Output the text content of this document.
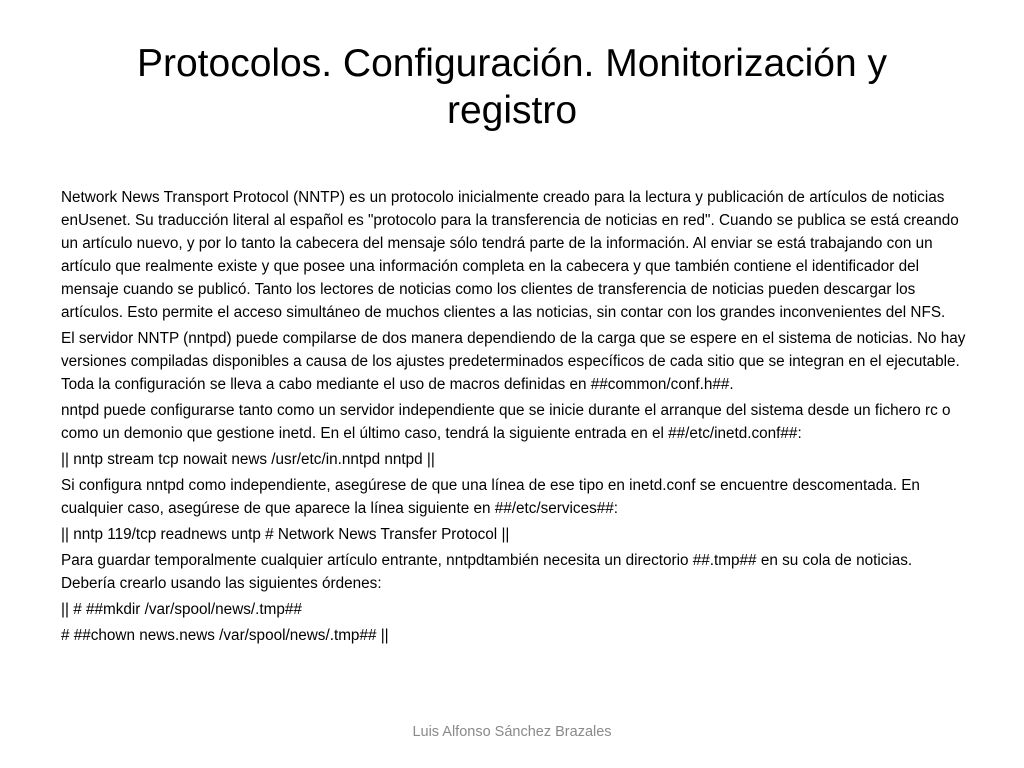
Protocolos. Configuración. Monitorización y registro

Network News Transport Protocol (NNTP) es un protocolo inicialmente creado para la lectura y publicación de artículos de noticias enUsenet. Su traducción literal al español es "protocolo para la transferencia de noticias en red". Cuando se publica se está creando un artículo nuevo, y por lo tanto la cabecera del mensaje sólo tendrá parte de la información. Al enviar se está trabajando con un artículo que realmente existe y que posee una información completa en la cabecera y que también contiene el identificador del mensaje cuando se publicó. Tanto los lectores de noticias como los clientes de transferencia de noticias pueden descargar los artículos. Esto permite el acceso simultáneo de muchos clientes a las noticias, sin contar con los grandes inconvenientes del NFS.

El servidor NNTP (nntpd) puede compilarse de dos manera dependiendo de la carga que se espere en el sistema de noticias. No hay versiones compiladas disponibles a causa de los ajustes predeterminados específicos de cada sitio que se integran en el ejecutable. Toda la configuración se lleva a cabo mediante el uso de macros definidas en ##common/conf.h##.

nntpd puede configurarse tanto como un servidor independiente que se inicie durante el arranque del sistema desde un fichero rc o como un demonio que gestione inetd. En el último caso, tendrá la siguiente entrada en el ##/etc/inetd.conf##:

|| nntp stream tcp nowait news /usr/etc/in.nntpd nntpd ||

Si configura nntpd como independiente, asegúrese de que una línea de ese tipo en inetd.conf se encuentre descomentada. En cualquier caso, asegúrese de que aparece la línea siguiente en ##/etc/services##:

|| nntp 119/tcp readnews untp # Network News Transfer Protocol ||

Para guardar temporalmente cualquier artículo entrante, nntpdtambién necesita un directorio ##.tmp## en su cola de noticias. Debería crearlo usando las siguientes órdenes:

|| # ##mkdir /var/spool/news/.tmp##

# ##chown news.news /var/spool/news/.tmp## ||

Luis Alfonso Sánchez Brazales
